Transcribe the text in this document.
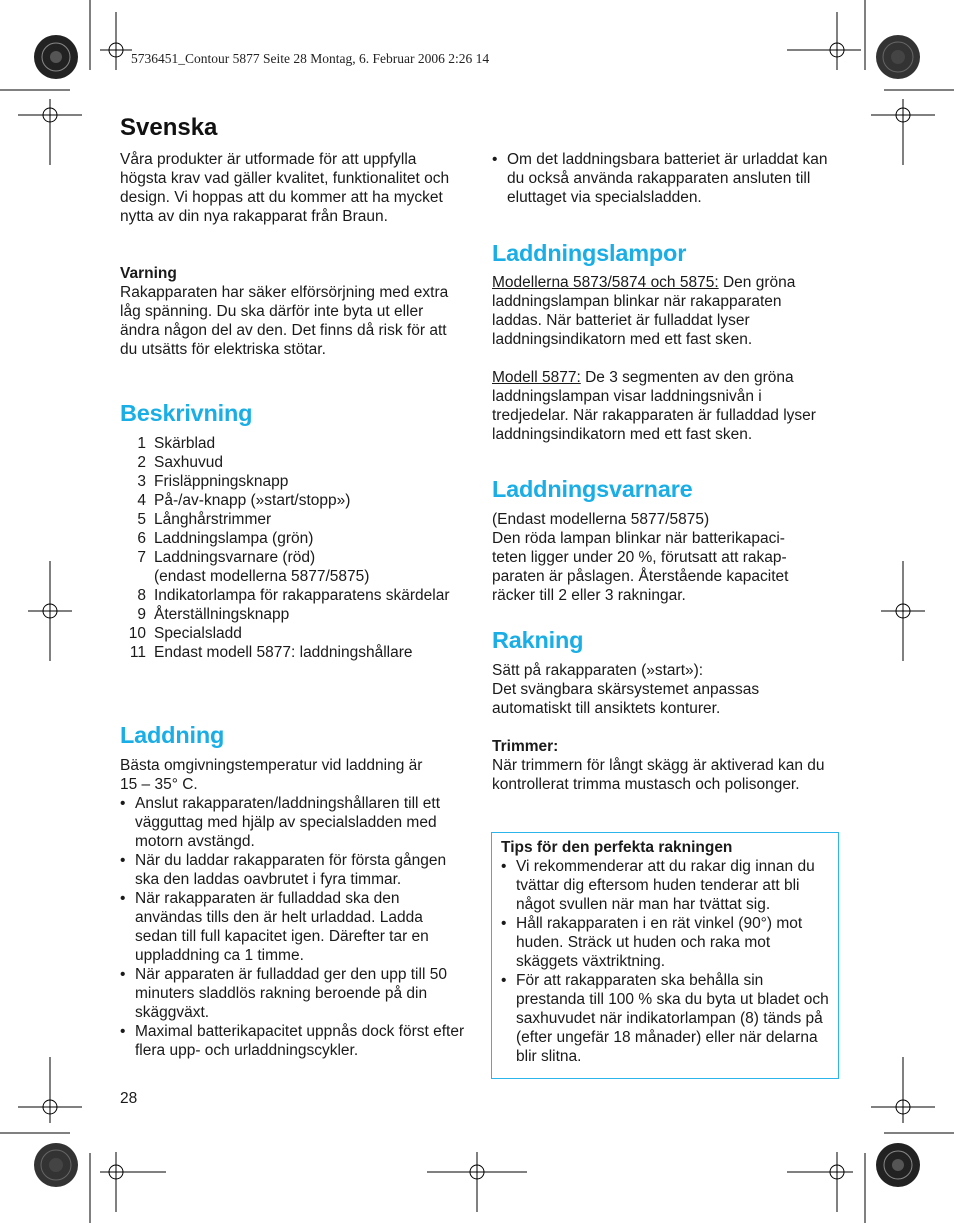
5736451_Contour 5877 Seite 28 Montag, 6. Februar 2006 2:26 14
Svenska
Våra produkter är utformade för att uppfylla högsta krav vad gäller kvalitet, funktionalitet och design. Vi hoppas att du kommer att ha mycket nytta av din nya rakapparat från Braun.
Varning
Rakapparaten har säker elförsörjning med extra låg spänning. Du ska därför inte byta ut eller ändra någon del av den. Det finns då risk för att du utsätts för elektriska stötar.
Beskrivning
1 Skärblad
2 Saxhuvud
3 Frisläppningsknapp
4 På-/av-knapp (»start/stopp»)
5 Långhårstrimmer
6 Laddningslampa (grön)
7 Laddningsvarnare (röd)
(endast modellerna 5877/5875)
8 Indikatorlampa för rakapparatens skärdelar
9 Återställningsknapp
10 Specialsladd
11 Endast modell 5877: laddningshållare
Laddning
Bästa omgivningstemperatur vid laddning är 15 – 35° C.
• Anslut rakapparaten/laddningshållaren till ett vägguttag med hjälp av specialsladden med motorn avstängd.
• När du laddar rakapparaten för första gången ska den laddas oavbrutet i fyra timmar.
• När rakapparaten är fulladdad ska den användas tills den är helt urladdad. Ladda sedan till full kapacitet igen. Därefter tar en uppladdning ca 1 timme.
• När apparaten är fulladdad ger den upp till 50 minuters sladdlös rakning beroende på din skäggväxt.
• Maximal batterikapacitet uppnås dock först efter flera upp- och urladdningscykler.
28
• Om det laddningsbara batteriet är urladdat kan du också använda rakapparaten ansluten till eluttaget via specialsladden.
Laddningslampor
Modellerna 5873/5874 och 5875: Den gröna laddningslampan blinkar när rakapparaten laddas. När batteriet är fulladdat lyser laddningsindikatorn med ett fast sken.
Modell 5877: De 3 segmenten av den gröna laddningslampan visar laddningsnivån i tredjedelar. När rakapparaten är fulladdad lyser laddningsindikatorn med ett fast sken.
Laddningsvarnare
(Endast modellerna 5877/5875)
Den röda lampan blinkar när batterikapaci-
teten ligger under 20 %, förutsatt att rakap-
paraten är påslagen. Återstående kapacitet
räcker till 2 eller 3 rakningar.
Rakning
Sätt på rakapparaten (»start»):
Det svängbara skärsystemet anpassas automatiskt till ansiktets konturer.
Trimmer:
När trimmern för långt skägg är aktiverad kan du kontrollerat trimma mustasch och polisonger.
Tips för den perfekta rakningen
• Vi rekommenderar att du rakar dig innan du tvättar dig eftersom huden tenderar att bli något svullen när man har tvättat sig.
• Håll rakapparaten i en rät vinkel (90°) mot huden. Sträck ut huden och raka mot skäggets växtriktning.
• För att rakapparaten ska behålla sin prestanda till 100 % ska du byta ut bladet och saxhuvudet när indikatorlampan (8) tänds på (efter ungefär 18 månader) eller när delarna blir slitna.
